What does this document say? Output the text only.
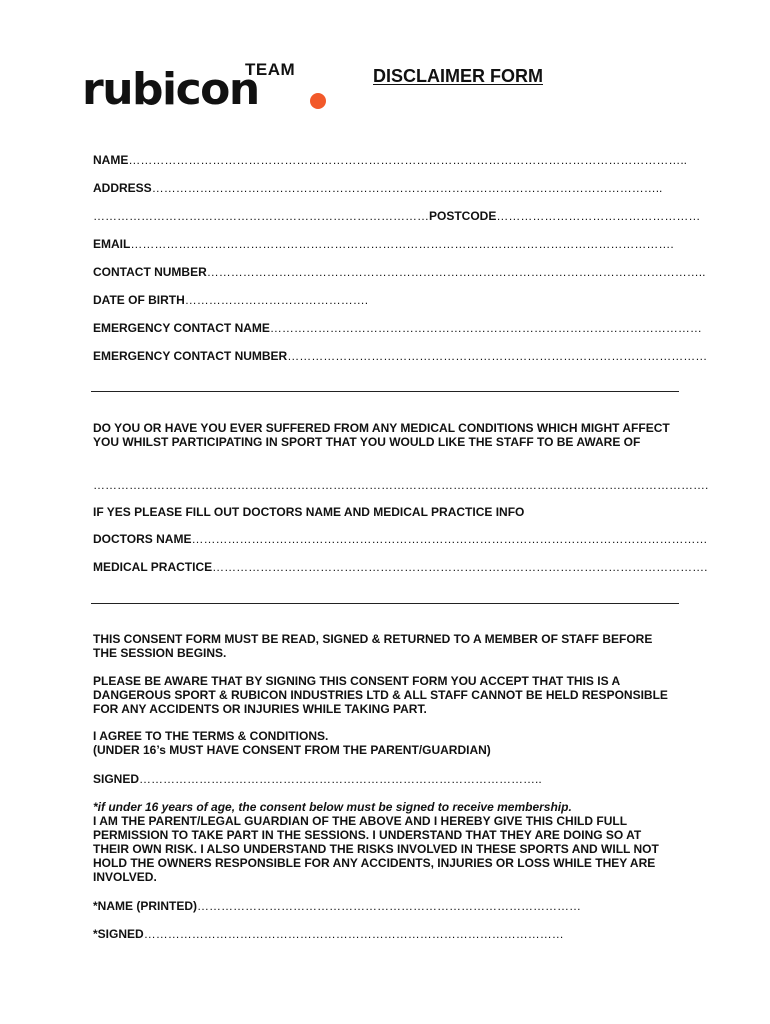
TEAM
rubicon	DISCLAIMER FORM
NAME…………………………………………………………………………………………………………………………..
ADDRESS………………………………………………………………………………………………………………..
…………………………………………………………………………POSTCODE……………………………………………
EMAIL……………………………………………………………………………………………………………………….
CONTACT NUMBER……………………………………………………………………………………………………………..
DATE OF BIRTH……………………………………….
EMERGENCY CONTACT NAME………………………………………………………………………………………………
EMERGENCY CONTACT NUMBER……………………………………………………………………………………………
DO YOU OR HAVE YOU EVER SUFFERED FROM ANY MEDICAL CONDITIONS WHICH MIGHT AFFECT YOU WHILST PARTICIPATING IN SPORT THAT YOU WOULD LIKE THE STAFF TO BE AWARE OF
……………………………………………………………………………………………………………………………………….
IF YES PLEASE FILL OUT DOCTORS NAME AND MEDICAL PRACTICE INFO
DOCTORS NAME…………………………………………………………………………………………………………………
MEDICAL PRACTICE…………………………………………………………………………………………………………….
THIS CONSENT FORM MUST BE READ, SIGNED & RETURNED TO A MEMBER OF STAFF BEFORE THE SESSION BEGINS.
PLEASE BE AWARE THAT BY SIGNING THIS CONSENT FORM YOU ACCEPT THAT THIS IS A DANGEROUS SPORT & RUBICON INDUSTRIES LTD & ALL STAFF CANNOT BE HELD RESPONSIBLE FOR ANY ACCIDENTS OR INJURIES WHILE TAKING PART.
I AGREE TO THE TERMS & CONDITIONS.
(UNDER 16’s MUST HAVE CONSENT FROM THE PARENT/GUARDIAN)
SIGNED………………………………………………………………………………………..
*if under 16 years of age, the consent below must be signed to receive membership.
I AM THE PARENT/LEGAL GUARDIAN OF THE ABOVE AND I HEREBY GIVE THIS CHILD FULL PERMISSION TO TAKE PART IN THE SESSIONS. I UNDERSTAND THAT THEY ARE DOING SO AT THEIR OWN RISK. I ALSO UNDERSTAND THE RISKS INVOLVED IN THESE SPORTS AND WILL NOT HOLD THE OWNERS RESPONSIBLE FOR ANY ACCIDENTS, INJURIES OR LOSS WHILE THEY ARE INVOLVED.
*NAME (PRINTED)……………………………………………………………………………………
*SIGNED……………………………………………………………………………………………
